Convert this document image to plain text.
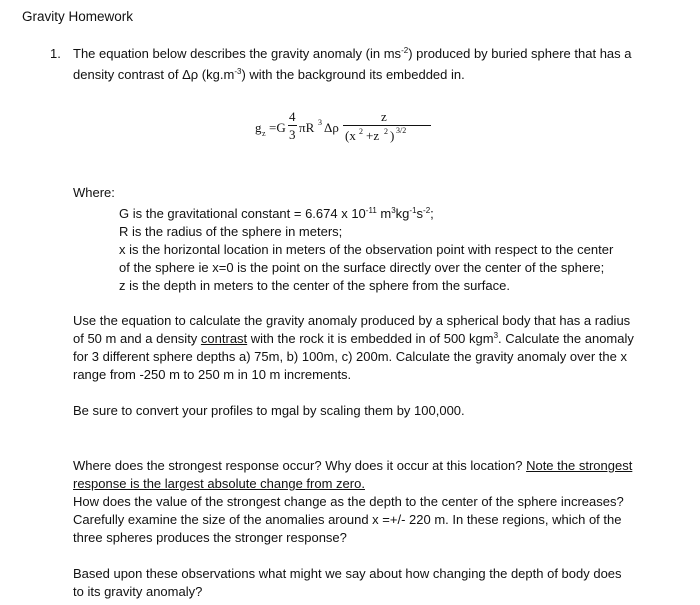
Gravity Homework
1. The equation below describes the gravity anomaly (in $ms^{-2}$) produced by buried sphere that has a
density contrast of Δρ $(kg.m^{-3})$ with the background its embedded in.
g z =G
4
3 πR 3 Δρ
z
(x 2 +z 2 ) 3/2
Where:
G is the gravitational constant = 6.674 x $10^{-11}$ $m^3kg^{-1}s^{-2}$;
R is the radius of the sphere in meters;
x is the horizontal location in meters of the observation point with respect to the center
of the sphere ie x=0 is the point on the surface directly over the center of the sphere;
z is the depth in meters to the center of the sphere from the surface.
Use the equation to calculate the gravity anomaly produced by a spherical body that has a radius
of 50 m and a density contrast with the rock it is embedded in of 500 kgm$^3$. Calculate the anomaly
for 3 different sphere depths a) 75m, b) 100m, c) 200m. Calculate the gravity anomaly over the x
range from -250 m to 250 m in 10 m increments.
Be sure to convert your profiles to mgal by scaling them by 100,000.
Where does the strongest response occur? Why does it occur at this location? Note the strongest
response is the largest absolute change from zero.
How does the value of the strongest change as the depth to the center of the sphere increases?
Carefully examine the size of the anomalies around x =+/- 220 m. In these regions, which of the
three spheres produces the stronger response?
Based upon these observations what might we say about how changing the depth of body does
to its gravity anomaly?
